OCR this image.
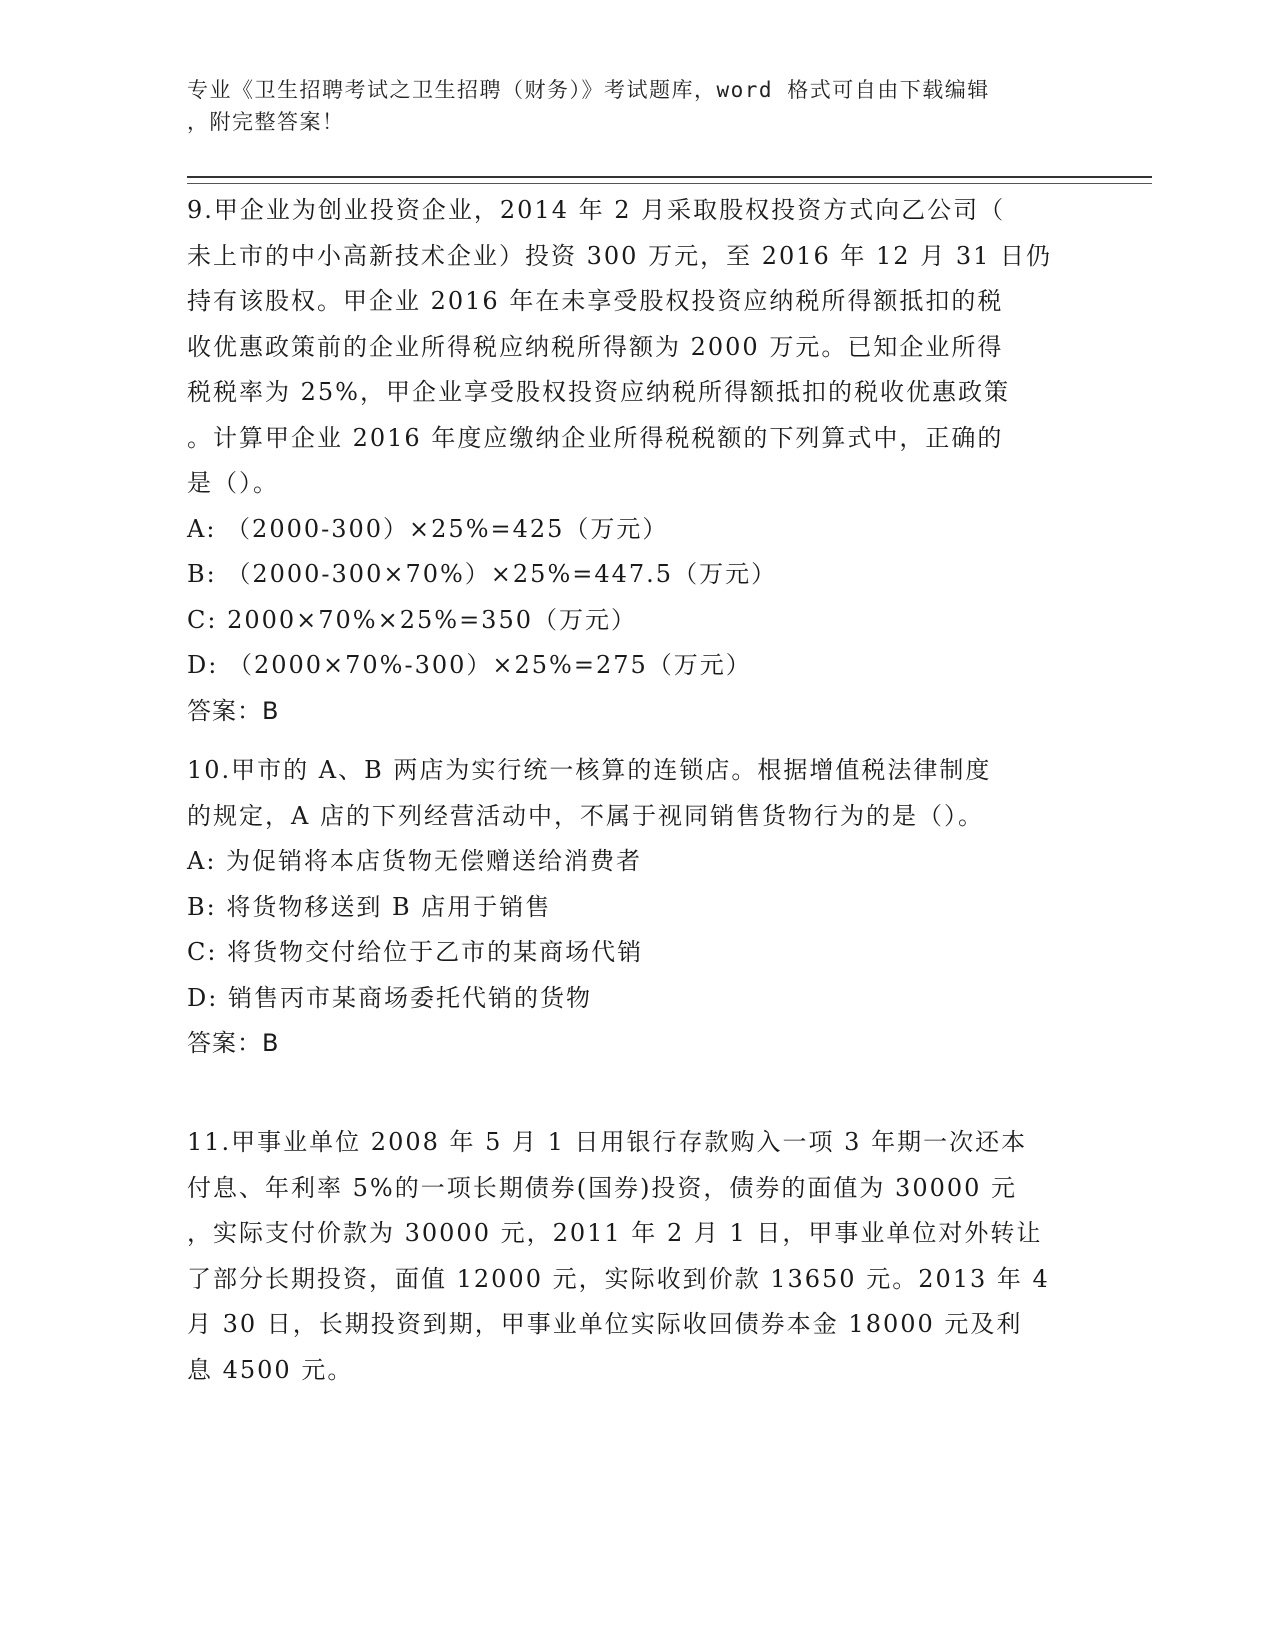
专业《卫生招聘考试之卫生招聘（财务）》考试题库，word 格式可自由下载编辑
，附完整答案！

9.甲企业为创业投资企业，2014 年 2 月采取股权投资方式向乙公司（
未上市的中小高新技术企业）投资 300 万元，至 2016 年 12 月 31 日仍
持有该股权。甲企业 2016 年在未享受股权投资应纳税所得额抵扣的税
收优惠政策前的企业所得税应纳税所得额为 2000 万元。已知企业所得
税税率为 25%，甲企业享受股权投资应纳税所得额抵扣的税收优惠政策
。计算甲企业 2016 年度应缴纳企业所得税税额的下列算式中，正确的
是（）。

A: （2000-300）×25%=425（万元）

B: （2000-300×70%）×25%=447.5（万元）

C: 2000×70%×25%=350（万元）

D: （2000×70%-300）×25%=275（万元）

答案：B

10.甲市的 A、B 两店为实行统一核算的连锁店。根据增值税法律制度
的规定，A 店的下列经营活动中，不属于视同销售货物行为的是（）。

A: 为促销将本店货物无偿赠送给消费者

B: 将货物移送到 B 店用于销售

C: 将货物交付给位于乙市的某商场代销

D: 销售丙市某商场委托代销的货物

答案：B

11.甲事业单位 2008 年 5 月 1 日用银行存款购入一项 3 年期一次还本
付息、年利率 5%的一项长期债券(国券)投资，债券的面值为 30000 元
，实际支付价款为 30000 元，2011 年 2 月 1 日，甲事业单位对外转让
了部分长期投资，面值 12000 元，实际收到价款 13650 元。2013 年 4
月 30 日，长期投资到期，甲事业单位实际收回债券本金 18000 元及利
息 4500 元。
